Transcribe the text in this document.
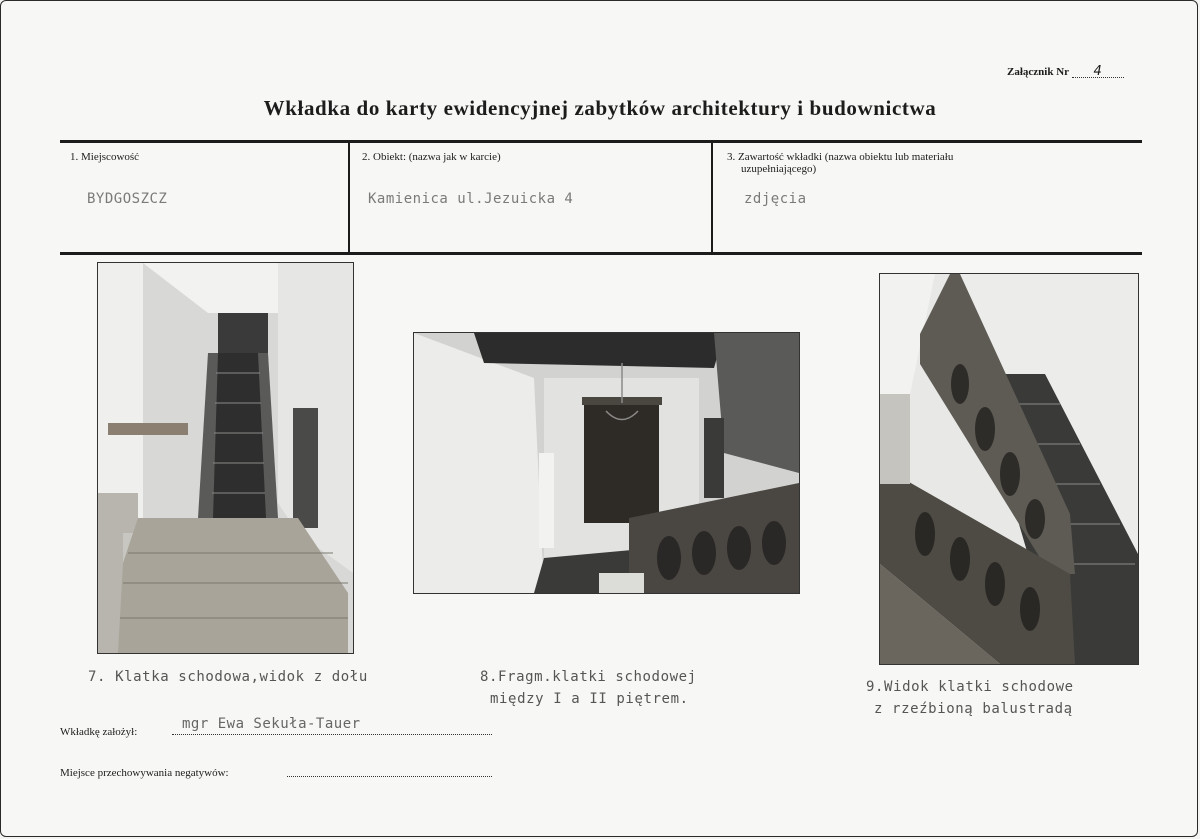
Załącznik Nr 4
Wkładka do karty ewidencyjnej zabytków architektury i budownictwa
1. Miejscowość
BYDGOSZCZ
2. Obiekt: (nazwa jak w karcie)
Kamienica ul.Jezuicka 4
3. Zawartość wkładki (nazwa obiektu lub materiału
uzupełniającego)
zdjęcia
7. Klatka schodowa,widok z dołu	8.Fragm.klatki schodowej
między I a II piętrem.
9.Widok klatki schodowe
z rzeźbioną balustradą
Wkładkę założył:	mgr Ewa Sekuła-Tauer
Miejsce przechowywania negatywów:
